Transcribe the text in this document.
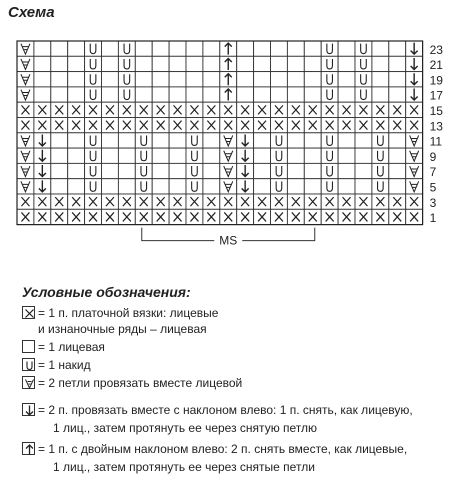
23
21
19
17
15
13
11
9
7
5
3
1
MS
Схема
Условные обозначения:
= 1 п. платочной вязки: лицевые
и изнаночные ряды – лицевая
= 1 лицевая
= 1 накид
= 2 петли провязать вместе лицевой
= 2 п. провязать вместе с наклоном влево: 1 п. снять, как лицевую,
1 лиц., затем протянуть ее через снятую петлю
= 1 п. с двойным наклоном влево: 2 п. снять вместе, как лицевые,
1 лиц., затем протянуть ее через снятые петли
